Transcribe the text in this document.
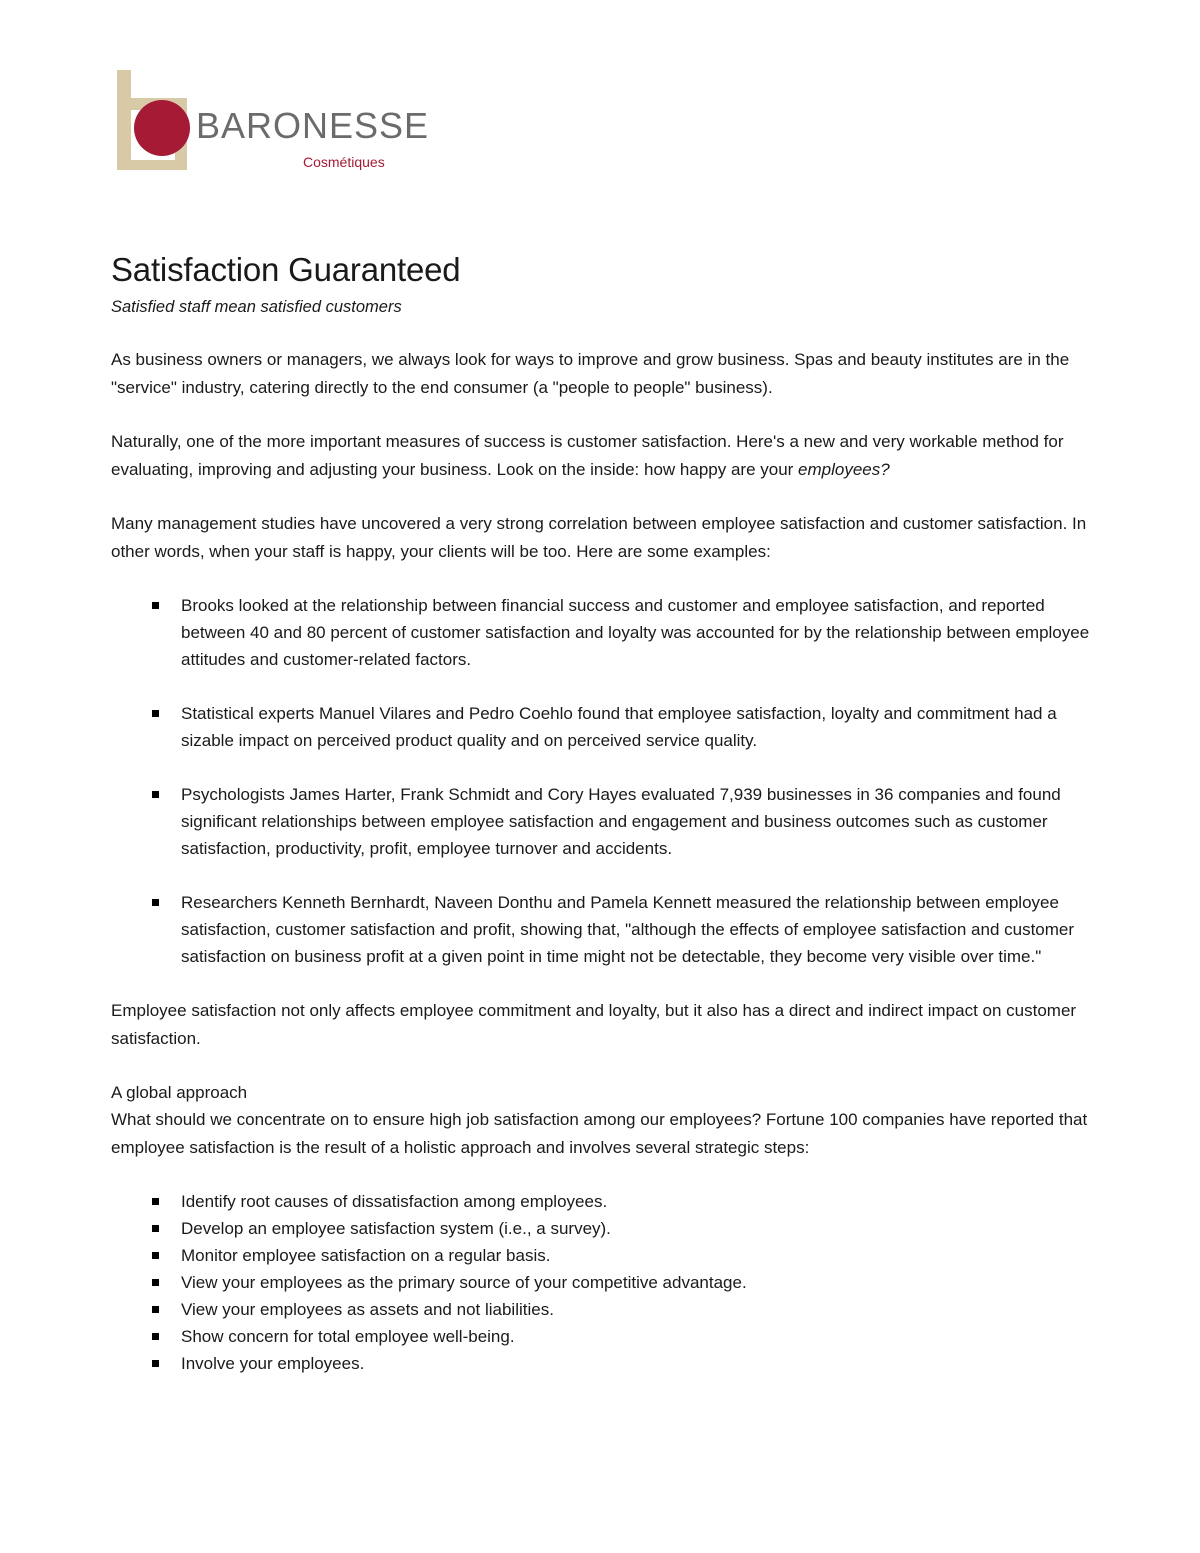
BARONESSE
Cosmétiques
Satisfaction Guaranteed
Satisfied staff mean satisfied customers

As business owners or managers, we always look for ways to improve and grow business. Spas and beauty institutes are in the "service" industry, catering directly to the end consumer (a "people to people" business).

Naturally, one of the more important measures of success is customer satisfaction. Here's a new and very workable method for evaluating, improving and adjusting your business. Look on the inside: how happy are your employees?

Many management studies have uncovered a very strong correlation between employee satisfaction and customer satisfaction. In other words, when your staff is happy, your clients will be too. Here are some examples:

Brooks looked at the relationship between financial success and customer and employee satisfaction, and reported between 40 and 80 percent of customer satisfaction and loyalty was accounted for by the relationship between employee attitudes and customer-related factors.
Statistical experts Manuel Vilares and Pedro Coehlo found that employee satisfaction, loyalty and commitment had a sizable impact on perceived product quality and on perceived service quality.
Psychologists James Harter, Frank Schmidt and Cory Hayes evaluated 7,939 businesses in 36 companies and found significant relationships between employee satisfaction and engagement and business outcomes such as customer satisfaction, productivity, profit, employee turnover and accidents.
Researchers Kenneth Bernhardt, Naveen Donthu and Pamela Kennett measured the relationship between employee satisfaction, customer satisfaction and profit, showing that, "although the effects of employee satisfaction and customer satisfaction on business profit at a given point in time might not be detectable, they become very visible over time."

Employee satisfaction not only affects employee commitment and loyalty, but it also has a direct and indirect impact on customer satisfaction.

A global approach

What should we concentrate on to ensure high job satisfaction among our employees? Fortune 100 companies have reported that employee satisfaction is the result of a holistic approach and involves several strategic steps:

Identify root causes of dissatisfaction among employees.
Develop an employee satisfaction system (i.e., a survey).
Monitor employee satisfaction on a regular basis.
View your employees as the primary source of your competitive advantage.
View your employees as assets and not liabilities.
Show concern for total employee well-being.
Involve your employees.
